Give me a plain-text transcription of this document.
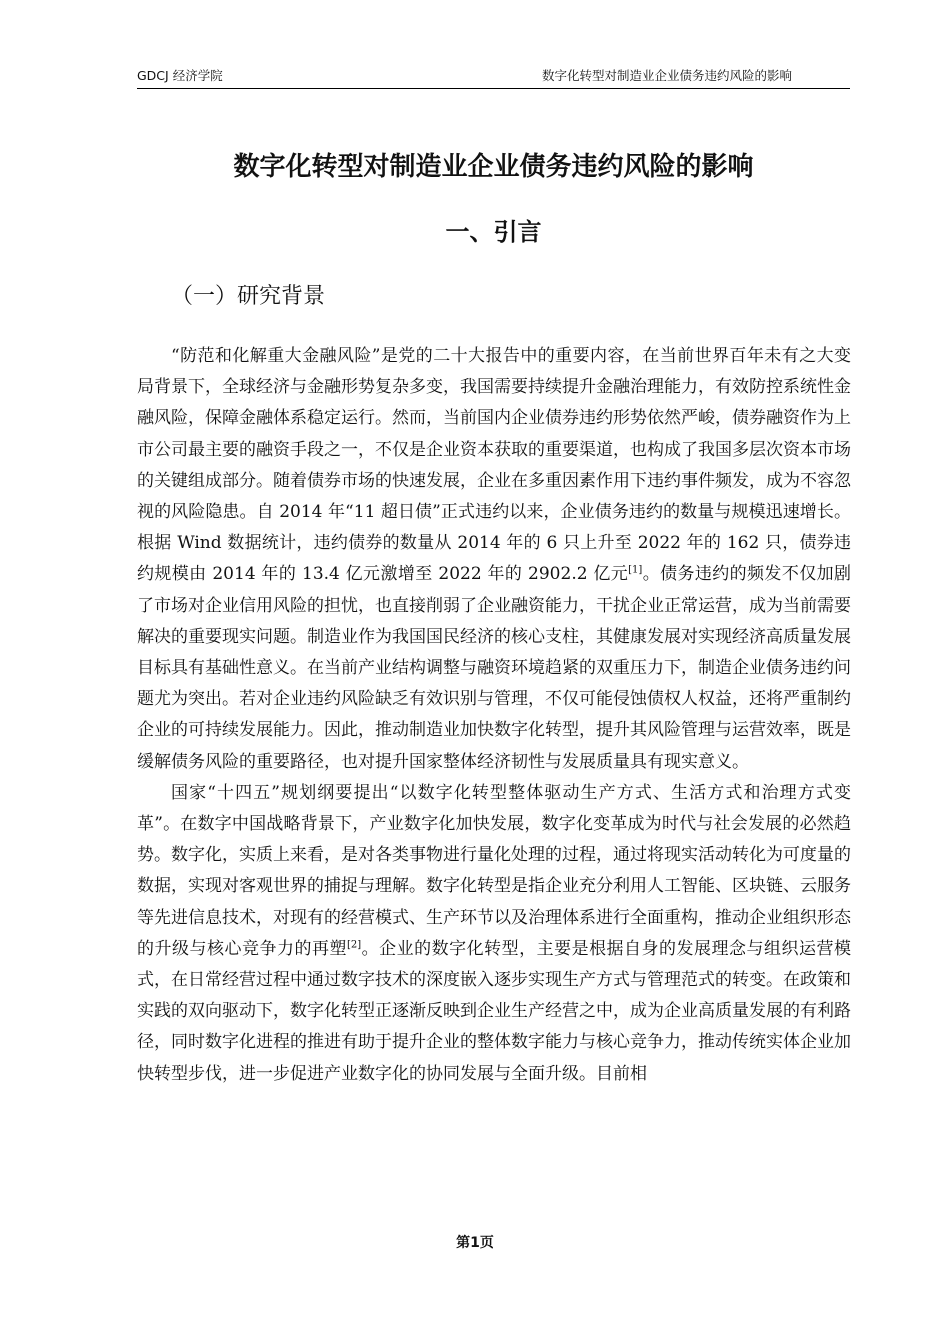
GDCJ 经济学院	数字化转型对制造业企业债务违约风险的影响
数字化转型对制造业企业债务违约风险的影响
一、引言
（一）研究背景

“防范和化解重大金融风险”是党的二十大报告中的重要内容，在当前世界百年未有之大变局背景下，全球经济与金融形势复杂多变，我国需要持续提升金融治理能力，有效防控系统性金融风险，保障金融体系稳定运行。然而，当前国内企业债券违约形势依然严峻，债券融资作为上市公司最主要的融资手段之一，不仅是企业资本获取的重要渠道，也构成了我国多层次资本市场的关键组成部分。随着债券市场的快速发展，企业在多重因素作用下违约事件频发，成为不容忽视的风险隐患。自 2014 年“11 超日债”正式违约以来，企业债务违约的数量与规模迅速增长。根据 Wind 数据统计，违约债券的数量从 2014 年的 6 只上升至 2022 年的 162 只，债券违约规模由 2014 年的 13.4 亿元激增至 2022 年的 2902.2 亿元[1]。债务违约的频发不仅加剧了市场对企业信用风险的担忧，也直接削弱了企业融资能力，干扰企业正常运营，成为当前需要解决的重要现实问题。制造业作为我国国民经济的核心支柱，其健康发展对实现经济高质量发展目标具有基础性意义。在当前产业结构调整与融资环境趋紧的双重压力下，制造企业债务违约问题尤为突出。若对企业违约风险缺乏有效识别与管理，不仅可能侵蚀债权人权益，还将严重制约企业的可持续发展能力。因此，推动制造业加快数字化转型，提升其风险管理与运营效率，既是缓解债务风险的重要路径，也对提升国家整体经济韧性与发展质量具有现实意义。

国家“十四五”规划纲要提出“以数字化转型整体驱动生产方式、生活方式和治理方式变革”。在数字中国战略背景下，产业数字化加快发展，数字化变革成为时代与社会发展的必然趋势。数字化，实质上来看，是对各类事物进行量化处理的过程，通过将现实活动转化为可度量的数据，实现对客观世界的捕捉与理解。数字化转型是指企业充分利用人工智能、区块链、云服务等先进信息技术，对现有的经营模式、生产环节以及治理体系进行全面重构，推动企业组织形态的升级与核心竞争力的再塑[2]。企业的数字化转型，主要是根据自身的发展理念与组织运营模式，在日常经营过程中通过数字技术的深度嵌入逐步实现生产方式与管理范式的转变。在政策和实践的双向驱动下，数字化转型正逐渐反映到企业生产经营之中，成为企业高质量发展的有利路径，同时数字化进程的推进有助于提升企业的整体数字能力与核心竞争力，推动传统实体企业加快转型步伐，进一步促进产业数字化的协同发展与全面升级。目前相

第1页
